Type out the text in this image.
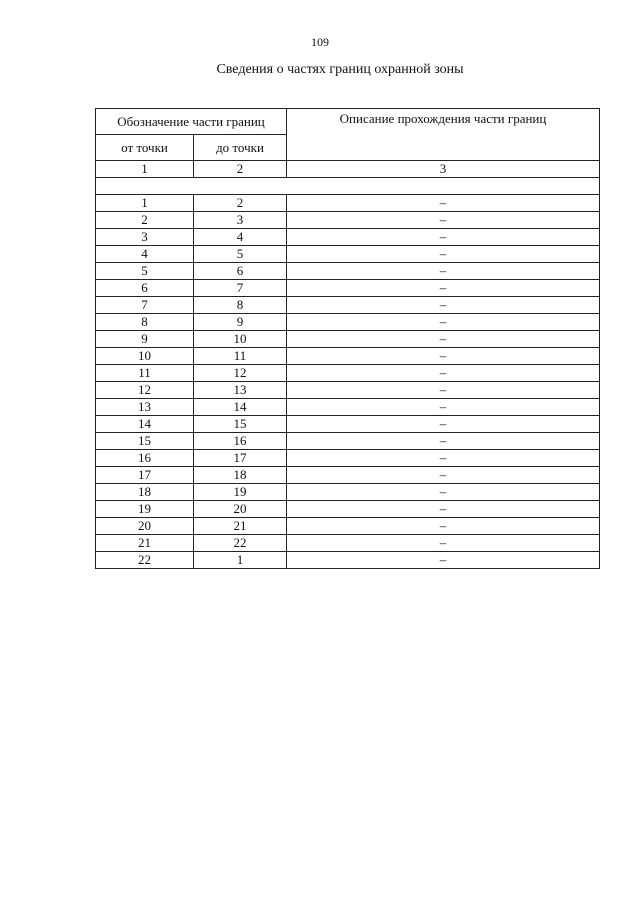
109
Сведения о частях границ охранной зоны
Обозначение части границ		Описание прохождения части границ
от точки	до точки	
1	2	3

1	2	–
2	3	–
3	4	–
4	5	–
5	6	–
6	7	–
7	8	–
8	9	–
9	10	–
10	11	–
11	12	–
12	13	–
13	14	–
14	15	–
15	16	–
16	17	–
17	18	–
18	19	–
19	20	–
20	21	–
21	22	–
22	1	–
